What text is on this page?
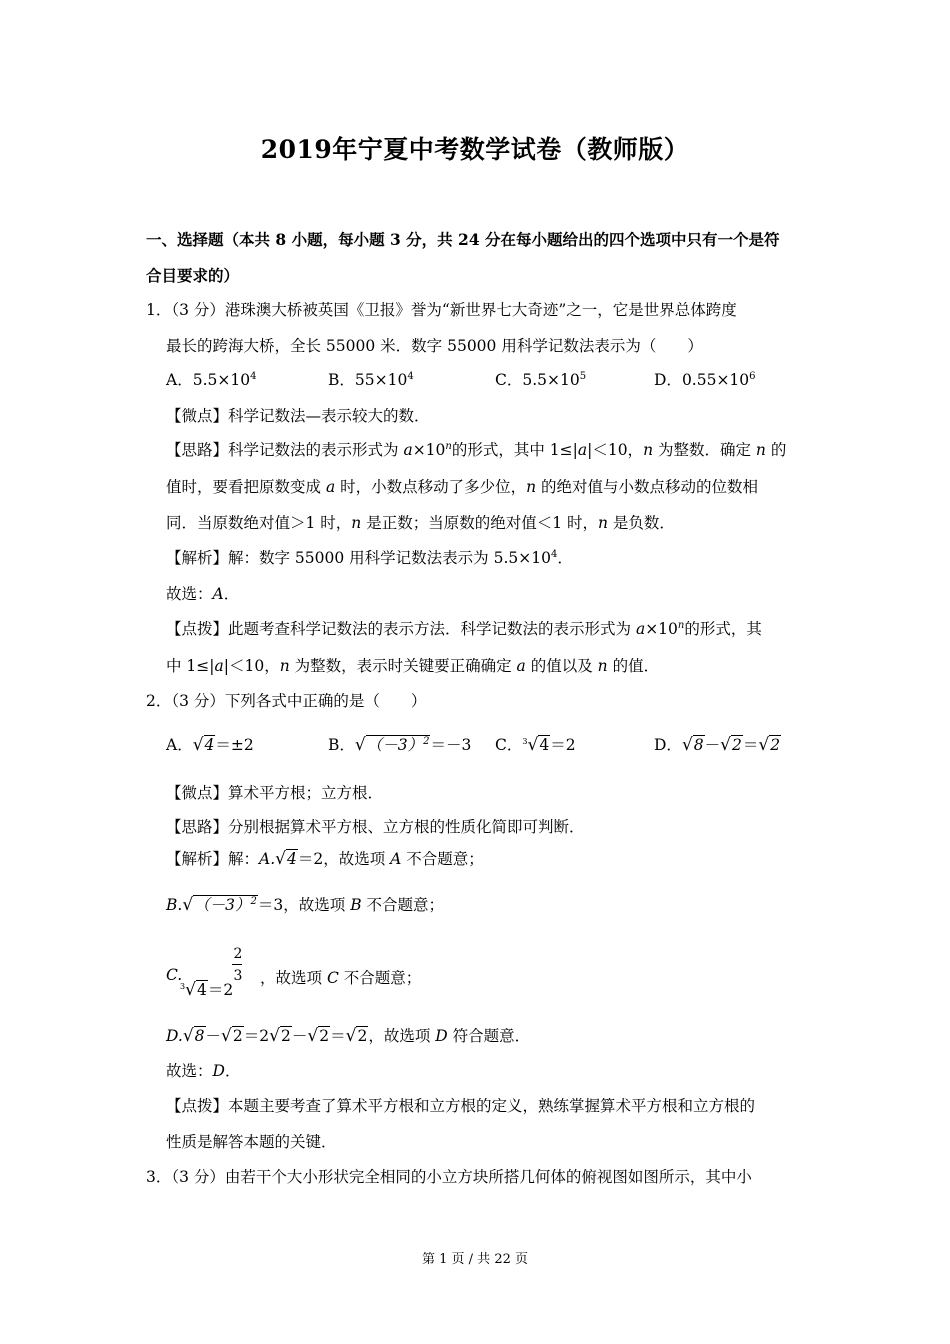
2019年宁夏中考数学试卷（教师版）
一、选择题（本共 8 小题，每小题 3 分，共 24 分在每小题给出的四个选项中只有一个是符
合目要求的）
1．（3 分）港珠澳大桥被英国《卫报》誉为“新世界七大奇迹”之一，它是世界总体跨度
最长的跨海大桥，全长 55000 米．数字 55000 用科学记数法表示为（　　）
A．$5.5\times 10^4$	B．$55\times 10^4$	C．$5.5\times 10^5$	D．$0.55\times 10^6$
【微点】科学记数法—表示较大的数．
【思路】科学记数法的表示形式为 $a\times 10^n$的形式，其中 1≤|a|＜10，n 为整数．确定 n 的
值时，要看把原数变成 a 时，小数点移动了多少位，n 的绝对值与小数点移动的位数相
同．当原数绝对值＞1 时，n 是正数；当原数的绝对值＜1 时，n 是负数．
【解析】解：数字 55000 用科学记数法表示为 $5.5\times 10^4$．
故选：A．
【点拨】此题考查科学记数法的表示方法．科学记数法的表示形式为 $a\times 10^n$的形式，其
中 1≤|a|＜10，n 为整数，表示时关键要正确确定 a 的值以及 n 的值．
2．（3 分）下列各式中正确的是（　　）
A．√4＝±2	B．$√(-3)^2=-3$ C．$^3$√4＝2	D．√8－√2＝√2
【微点】算术平方根；立方根．
【思路】分别根据算术平方根、立方根的性质化简即可判断．
【解析】解：A.√4＝2，故选项 A 不合题意；
$B.√(-3)^2=3$，故选项 B 不合题意；
C.
$^3$√4＝2
2
3 ，故选项 C 不合题意；
D.√8－√2＝2√2－√2＝√2，故选项 D 符合题意．
故选：D．
【点拨】本题主要考查了算术平方根和立方根的定义，熟练掌握算术平方根和立方根的
性质是解答本题的关键．
3．（3 分）由若干个大小形状完全相同的小立方块所搭几何体的俯视图如图所示，其中小
第 1 页 / 共 22 页
